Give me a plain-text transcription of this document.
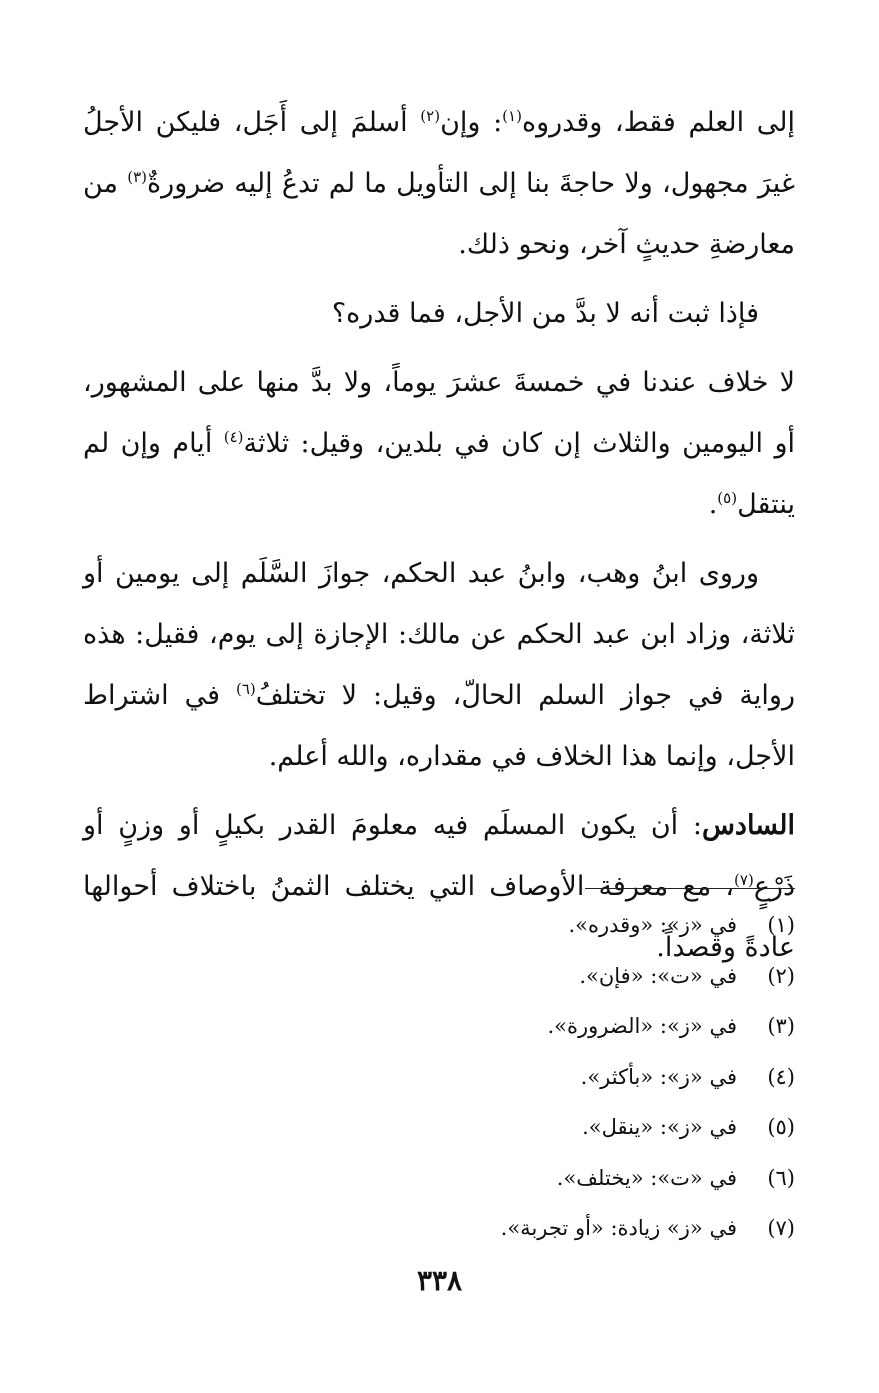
إلى العلم فقط، وقدروه$^{(١)}$: وإن$^{(٢)}$ أسلمَ إلى أَجَل، فليكن الأجلُ غيرَ مجهول، ولا حاجةَ بنا إلى التأويل ما لم تدعُ إليه ضرورةٌ$^{(٣)}$ من معارضةِ حديثٍ آخر، ونحو ذلك.

فإذا ثبت أنه لا بدَّ من الأجل، فما قدره؟

لا خلاف عندنا في خمسةَ عشرَ يوماً، ولا بدَّ منها على المشهور، أو اليومين والثلاث إن كان في بلدين، وقيل: ثلاثة$^{(٤)}$ أيام وإن لم ينتقل$^{(٥)}$.

وروى ابنُ وهب، وابنُ عبد الحكم، جوازَ السَّلَم إلى يومين أو ثلاثة، وزاد ابن عبد الحكم عن مالك: الإجازة إلى يوم، فقيل: هذه رواية في جواز السلم الحالّ، وقيل: لا تختلفُ$^{(٦)}$ في اشتراط الأجل، وإنما هذا الخلاف في مقداره، والله أعلم.

السادس: أن يكون المسلَم فيه معلومَ القدر بكيلٍ أو وزنٍ أو ذَرْعٍ$^{(٧)}$، مع معرفة الأوصاف التي يختلف الثمنُ باختلاف أحوالها عادةً وقصداً.

(١)
في «ز»: «وقدره».
(٢)
في «ت»: «فإن».
(٣)
في «ز»: «الضرورة».
(٤)
في «ز»: «بأكثر».
(٥)
في «ز»: «ينقل».
(٦)
في «ت»: «يختلف».
(٧)
في «ز» زيادة: «أو تجربة».
٣٣٨
